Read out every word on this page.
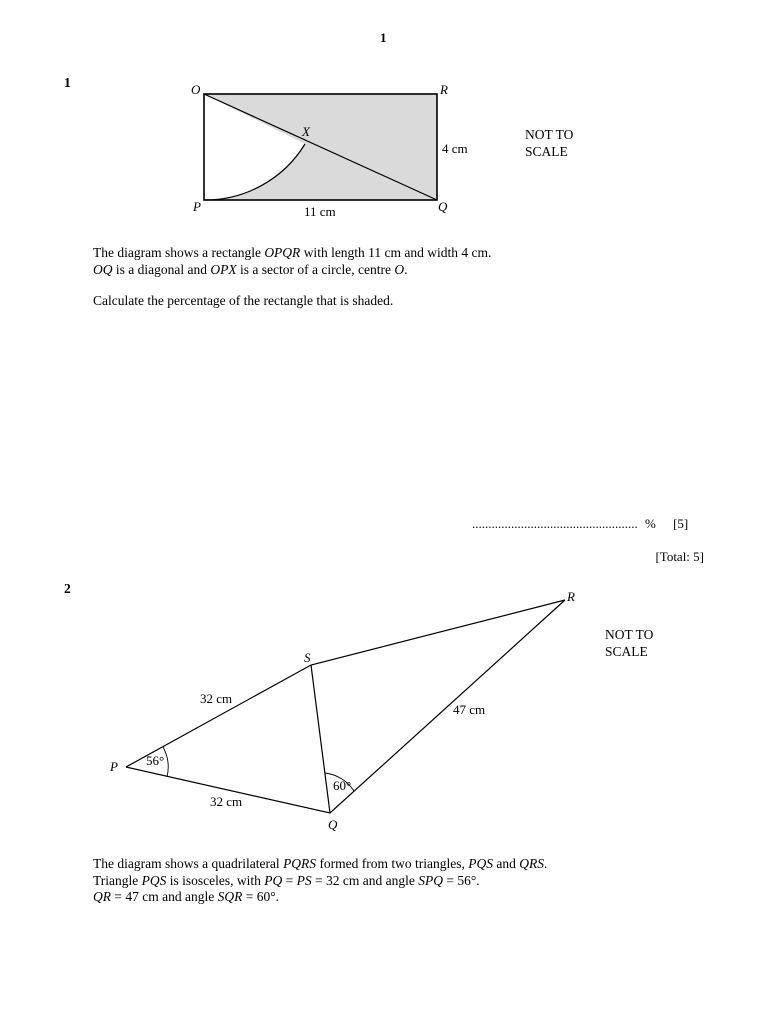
1
1	O	R
X
P	Q
4 cm
11 cm
NOT TO
SCALE
The diagram shows a rectangle OPQR with length 11 cm and width 4 cm.
OQ is a diagonal and OPX is a sector of a circle, centre O.
Calculate the percentage of the rectangle that is shaded.
................................................... % [5]
[Total: 5]
2
P
S
R
Q
32 cm
32 cm
47 cm
56°
60°
NOT TO
SCALE
The diagram shows a quadrilateral PQRS formed from two triangles, PQS and QRS.
Triangle PQS is isosceles, with PQ = PS = 32 cm and angle SPQ = 56°.
QR = 47 cm and angle SQR = 60°.
